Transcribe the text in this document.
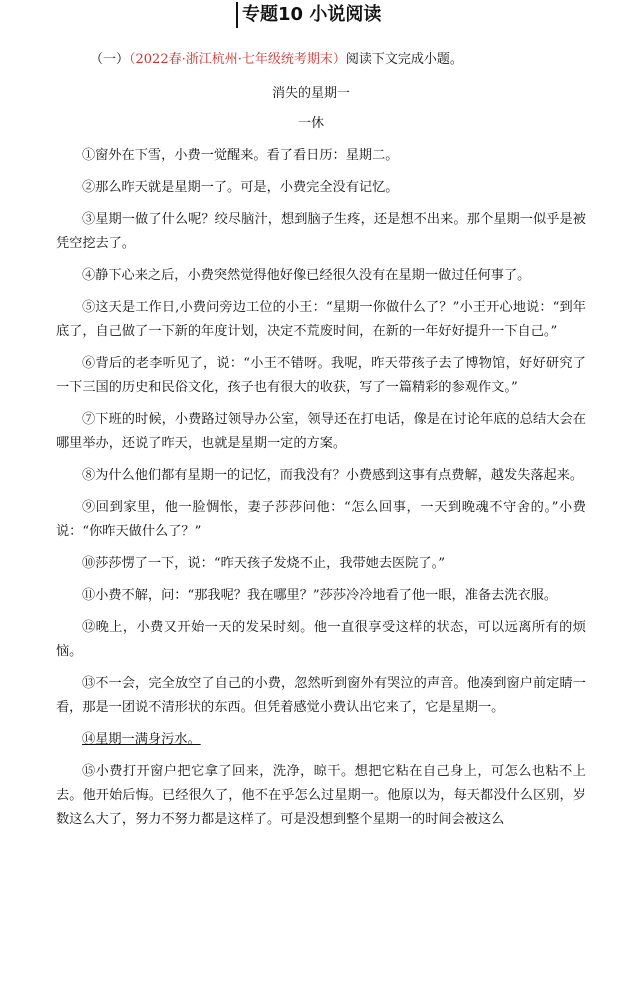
专题10 小说阅读
（一）（2022春·浙江杭州·七年级统考期末）阅读下文完成小题。
消失的星期一
一休

①窗外在下雪，小费一觉醒来。看了看日历：星期二。

②那么昨天就是星期一了。可是，小费完全没有记忆。

③星期一做了什么呢？绞尽脑汁，想到脑子生疼，还是想不出来。那个星期一似乎是被凭空挖去了。

④静下心来之后，小费突然觉得他好像已经很久没有在星期一做过任何事了。

⑤这天是工作日,小费问旁边工位的小王：“星期一你做什么了？”小王开心地说：“到年底了，自己做了一下新的年度计划，决定不荒废时间，在新的一年好好提升一下自己。”

⑥背后的老李听见了，说：“小王不错呀。我呢，昨天带孩子去了博物馆，好好研究了一下三国的历史和民俗文化，孩子也有很大的收获，写了一篇精彩的参观作文。”

⑦下班的时候，小费路过领导办公室，领导还在打电话，像是在讨论年底的总结大会在哪里举办，还说了昨天，也就是星期一定的方案。

⑧为什么他们都有星期一的记忆，而我没有？小费感到这事有点费解，越发失落起来。

⑨回到家里，他一脸惆怅，妻子莎莎问他：“怎么回事，一天到晚魂不守舍的。”小费说：“你昨天做什么了？”

⑩莎莎愣了一下，说：“昨天孩子发烧不止，我带她去医院了。”

⑪小费不解，问：“那我呢？我在哪里？”莎莎冷冷地看了他一眼，准备去洗衣服。

⑫晚上，小费又开始一天的发呆时刻。他一直很享受这样的状态，可以远离所有的烦恼。

⑬不一会，完全放空了自己的小费，忽然听到窗外有哭泣的声音。他凑到窗户前定睛一看，那是一团说不清形状的东西。但凭着感觉小费认出它来了，它是星期一。

⑭星期一满身污水。

⑮小费打开窗户把它拿了回来，洗净，晾干。想把它粘在自己身上，可怎么也粘不上去。他开始后悔。已经很久了，他不在乎怎么过星期一。他原以为，每天都没什么区别，岁数这么大了，努力不努力都是这样了。可是没想到整个星期一的时间会被这么
